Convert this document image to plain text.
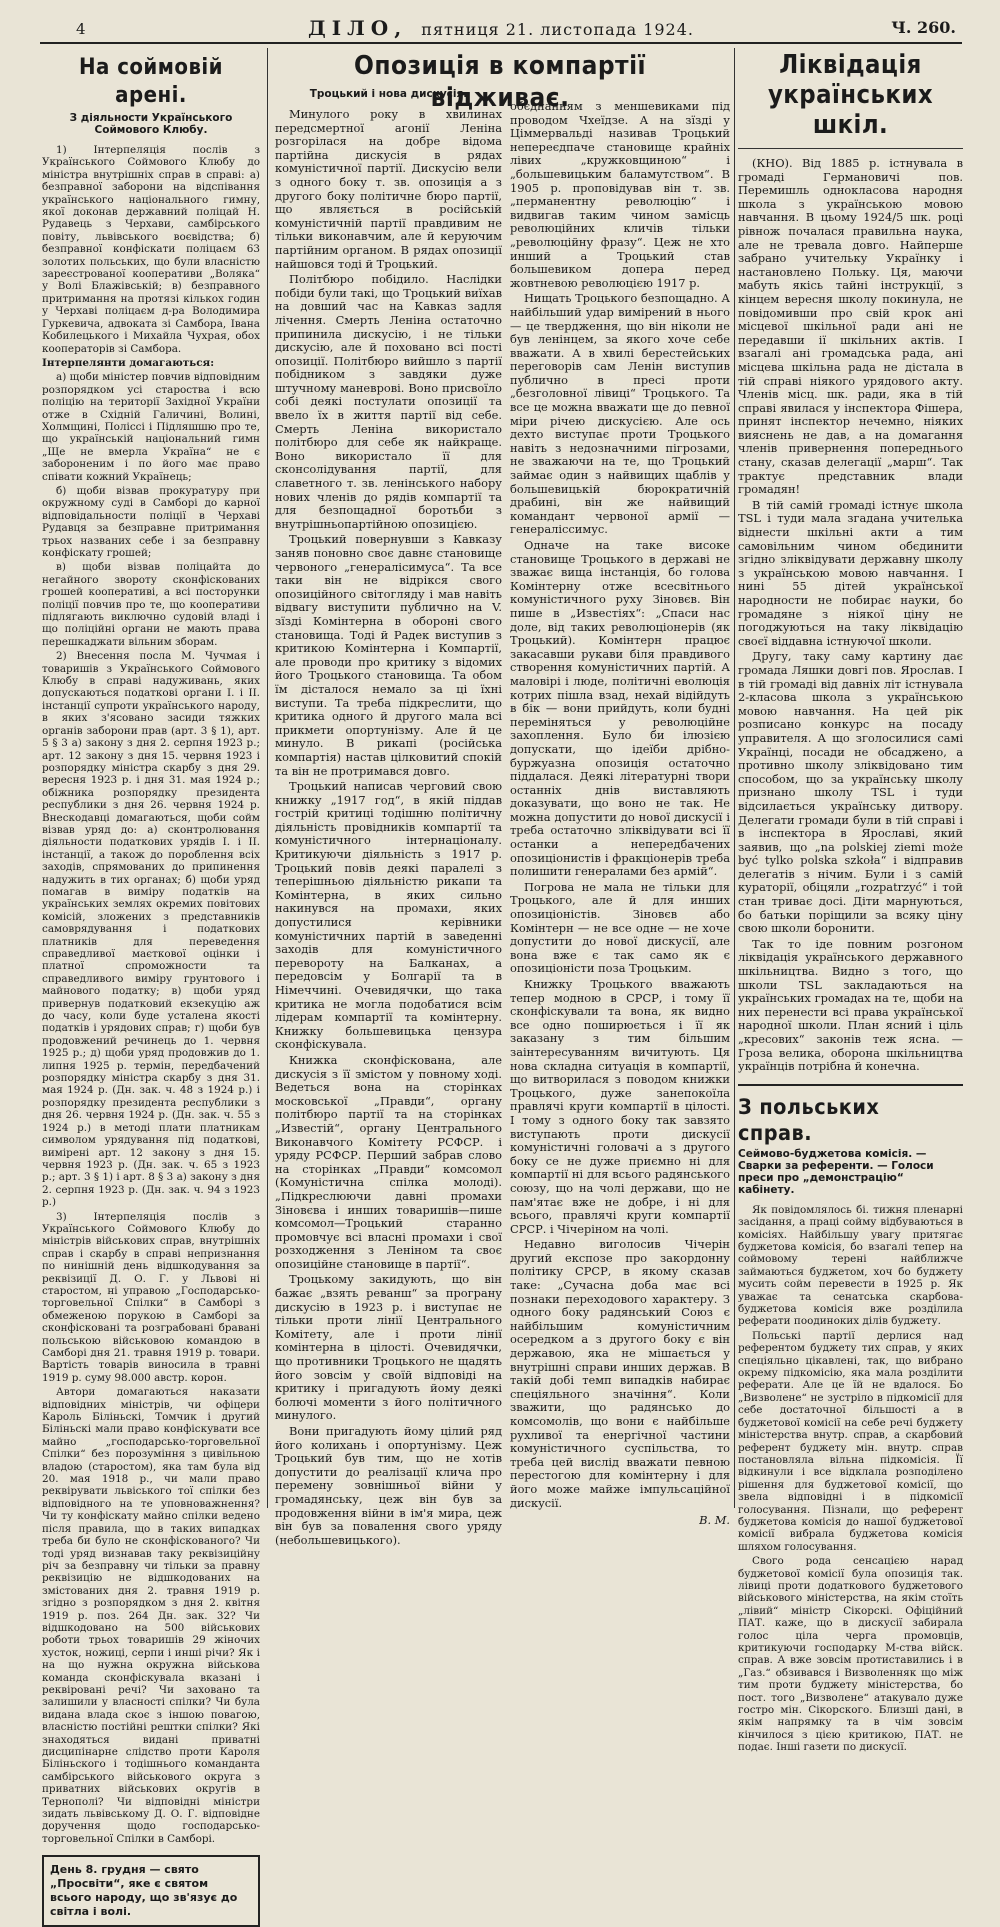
4	ДІЛО, пятниця 21. листопада 1924.	Ч. 260.
На соймовій арені.
З діяльности Українського Соймового Клюбу.

1) Інтерпеляція послів з Українського Соймового Клюбу до міністра внутрішніх справ в справі: а) безправної заборони на відспівання українського національного гимну, якої доконав державний поліцай Н. Рудавець з Черхави, самбірського повіту, львівського воєвідства; б) безправної конфіскати поліцаєм 63 золотих польських, що були власністю зареєстрованої кооперативи „Воляка“ у Волі Блажівській; в) безправного притримання на протязі кількох годин у Черхаві поліцаєм д-ра Володимира Гуркевича, адвоката зі Самбора, Івана Кобилецького і Михайла Чухрая, обох кооператорів зі Самбора.

Інтерпелянти домагаються:

а) щоби міністер повчив відповідним розпорядком усі староства і всю поліцію на території Західної України отже в Східній Галичині, Волині, Холмщині, Поліссі і Підляшшю про те, що українській національний гимн „Ще не вмерла Україна“ не є забороненим і по його має право співати кожний Українець;

б) щоби візвав прокуратуру при окружному суді в Самборі до карної відповідальности поліції в Черхаві Рудавця за безправне притримання трьох названих себе і за безправну конфіскату грошей;

в) щоби візвав поліцайта до негайного звороту сконфіскованих грошей кооперативі, а всі посторунки поліції повчив про те, що кооперативи підлягають виключно судовій владі і що поліційні органи не мають права перешкаджати вільним зборам.

2) Внесення посла М. Чучмая і товаришів з Українського Соймового Клюбу в справі надуживань, яких допускаються податкові органи І. і ІІ. інстанції супроти українського народу, в яких з'ясовано засиди тяжких органів заборони прав (арт. 3 § 1), арт. 5 § 3 а) закону з дня 2. серпня 1923 р.; арт. 12 закону з дня 15. червня 1923 і розпорядку міністра скарбу з дня 29. вересня 1923 р. і дня 31. мая 1924 р.; обіжника розпорядку президента республики з дня 26. червня 1924 р. Внескодавці домагаються, щоби сойм візвав уряд до: а) сконтролювання діяльности податкових урядів І. і ІІ. інстанції, а також до пороблення всіх заходів, спрямованих до припинення надужить в тих органах; б) щоби уряд помагав в виміру податків на українських землях окремих повітових комісій, зложених з представників самоврядування і податкових платників для переведення справедливої маєткової оцінки і платної спроможности та справедливого виміру грунтового і майнового податку; в) щоби уряд привернув податковий екзекуцію аж до часу, коли буде усталена якості податків і урядових справ; г) щоби був продовжений речинець до 1. червня 1925 р.; д) щоби уряд продовжив до 1. липня 1925 р. термін, передбачений розпорядку міністра скарбу з дня 31. мая 1924 р. (Дн. зак. ч. 48 з 1924 р.) і розпорядку президента республики з дня 26. червня 1924 р. (Дн. зак. ч. 55 з 1924 р.) в методі плати платникам символом урядування під податкові, вимірені арт. 12 закону з дня 15. червня 1923 р. (Дн. зак. ч. 65 з 1923 р.; арт. 3 § 1) і арт. 8 § 3 а) закону з дня 2. серпня 1923 р. (Дн. зак. ч. 94 з 1923 р.)

3) Інтерпеляція послів з Українського Соймового Клюбу до міністрів військових справ, внутрішніх справ і скарбу в справі непризнання по нинішній день відшкодування за реквізиції Д. О. Г. у Львові ні старостом, ні управою „Господарсько-торговельної Спілки“ в Самборі з обмеженою порукою в Самборі за сконфісковані та розграбовані бравані польською військовою командою в Самборі дня 21. травня 1919 р. товари. Вартість товарів виносила в травні 1919 р. суму 98.000 австр. корон.

Автори домагаються наказати відповідних міністрів, чи офіцери Кароль Біліньскі, Томчик і другий Біліньскі мали право конфіскувати все майно „господарсько-торговельної Спілки“ без порозуміння з цивільною владою (старостом), яка там була від 20. мая 1918 р., чи мали право реквірувати львіського тої спілки без відповідного на те уповноважнення? Чи ту конфіскату майно спілки ведено після правила, що в таких випадках треба би було не сконфіскованого? Чи тоді уряд визнавав таку реквізиційну річ за безправну чи тільки за правну реквізицію не відшкодованих на змістованих дня 2. травня 1919 р. згідно з розпорядком з дня 2. квітня 1919 р. поз. 264 Дн. зак. 32? Чи відшкодовано на 500 військових роботи трьох товаришів 29 жіночих хусток, ножиці, серпи і инші річи? Як і на що нужна окружна військова команда сконфіскувала вказані і реквіровані речі? Чи заховано та залишили у власності спілки? Чи була видана влада скоє з іншою повагою, власністю постійні рештки спілки? Які знаходяться видані приватні дисципінарне слідство проти Кароля Біліньского і тодішнього команданта самбірського військового округа з приватних військових округів в Тернополі? Чи відповідні міністри зидать львівському Д. О. Г. відповідне доручення щодо господарсько-торговельної Спілки в Самборі.

День 8. грудня — свято „Просвіти“, яке є святом всього народу, що зв'язує до світла і волі.
Опозиція в компартії відживає.
Троцький і нова дискусія.

Минулого року в хвилинах передсмертної агонії Леніна розгорілася на добре відома партійна дискусія в рядах комуністичної партії. Дискусію вели з одного боку т. зв. опозиція а з другого боку політичне бюро партії, що являється в російській комуністичній партії правдивим не тільки виконавчим, але й керуючим партійним органом. В рядах опозиції найшовся тоді й Троцький.

Політбюро побідило. Наслідки побіди були такі, що Троцький виїхав на довший час на Кавказ задля лічення. Смерть Леніна остаточно припинила дискусію, і не тільки дискусію, але й поховано всі пості опозиції. Політбюро вийшло з партії побідником з завдяки дуже штучному маневрові. Воно присвоїло собі деякі постулати опозиції та ввело їх в життя партії від себе. Смерть Леніна використало політбюро для себе як найкраще. Воно використало її для сконсолідування партії, для славетного т. зв. ленінського набору нових членів до рядів компартії та для безпощадної боротьби з внутрішньопартійною опозицією.

Троцький повернувши з Кавказу заняв поновно своє давнє становище червоного „генералісимуса“. Та все таки він не відрікся свого опозиційного світогляду і мав навіть відвагу виступити публично на V. зїзді Комінтерна в обороні свого становища. Тоді й Радек виступив з критикою Комінтерна і Компартії, але проводи про критику з відомих його Троцького становища. Та обом їм дісталося немало за ці їхні виступи. Та треба підкреслити, що критика одного й другого мала всі прикмети опортунізму. Але й це минуло. В рикапі (російська компартія) настав цілковитий спокій та він не протримався довго.

Троцький написав черговий свою книжку „1917 год“, в якій піддав гострій критиці тодішню політичну діяльність провідників компартії та комуністичного інтернаціоналу. Критикуючи діяльність з 1917 р. Троцький повів деякі паралелі з теперішньою діяльністю рикапи та Комінтерна, в яких сильно накинувся на промахи, яких допустилися керівники комуністичних партій в заведенні заходів для комуністичного перевороту на Балканах, а передовсім у Болгарії та в Німеччині. Очевидячки, що така критика не могла подобатися всім лідерам компартії та комінтерну. Книжку большевицька цензура сконфіскувала.

Книжка сконфіскована, але дискусія з її змістом у повному ході. Ведеться вона на сторінках московської „Правди“, органу політбюро партії та на сторінках „Известій“, органу Центрального Виконавчого Комітету РСФСР. і уряду РСФСР. Перший забрав слово на сторінках „Правди“ комсомол (Комуністична спілка молоді). „Підкреслюючи давні промахи Зіновєва і инших товаришів—пише комсомол—Троцький старанно промовчує всі власні промахи і свої розходження з Леніном та своє опозиційне становище в партії“.

Троцькому закидують, що він бажає „взять реванш“ за програну дискусію в 1923 р. і виступає не тільки проти лінії Центрального Комітету, але і проти лінії комінтерна в цілості. Очевидячки, що противники Троцького не щадять його зовсім у своїй відповіді на критику і пригадують йому деякі болючі моменти з його політичного минулого.

Вони пригадують йому цілий ряд його колихань і опортунізму. Цеж Троцький був тим, що не хотів допустити до реалізації клича про перемену зовнішньої війни у громадянську, цеж він був за продовження війни в ім'я мира, цеж він був за повалення свого уряду (небольшевицького).

обєднанням з меншевиками під проводом Чхеїдзе. А на зїзді у Ціммервальді називав Троцький непереєдпаче становище крайніх лівих „кружковщиною“ і „большевицьким баламутством“. В 1905 р. проповідував він т. зв. „перманентну революцію“ і видвигав таким чином замісць революційних кличів тільки „революційну фразу“. Цеж не хто инший а Троцький став большевиком допера перед жовтневою революцією 1917 р.

Нищать Троцького безпощадно. А найбільший удар вимірений в нього — це твердження, що він ніколи не був ленінцем, за якого хоче себе вважати. А в хвилі берестейських переговорів сам Ленін виступив публично в пресі проти „безголовної лівиці“ Троцького. Та все це можна вважати ще до певної міри річею дискусією. Але ось дехто виступає проти Троцького навіть з недозначними пігрозами, не зважаючи на те, що Троцький займає один з найвищих щаблів у большевицькій бюрократичній драбині, він же найвищий командант червоної армії — генералісcимус.

Одначе на таке високе становище Троцького в державі не зважає вища інстанція, бо голова Комінтерну отже всесвітнього комуністичного руху Зіновєв. Він пише в „Известіях“: „Спаси нас доле, від таких революціонерів (як Троцький). Комінтерн працює закасавши рукави біля правдивого створення комуністичних партій. А маловірі і люде, політичні еволюція котрих пішла взад, нехай відійдуть в бік — вони прийдуть, коли будні переміняться у революційне захоплення. Було би ілюзією допускати, що ідеїби дрібно-буржуазна опозиція остаточно піддалася. Деякі літературні твори останніх днів виставляють доказувати, що воно не так. Не можна допустити до нової дискусії і треба остаточно зліквідувати всі її останки а непередбачених опозиціонистів і фракціонерів треба полишити генералами без армій“.

Погрова не мала не тільки для Троцького, але й для инших опозиціоністів. Зіновєв або Комінтерн — не все одне — не хоче допустити до нової дискусії, але вона вже є так само як є опозиціоністи поза Троцьким.

Книжку Троцького вважають тепер модною в СРСР, і тому її сконфіскували та вона, як видно все одно поширюється і її як заказану з тим більшим заінтересуванням вичитують. Ця нова складна ситуація в компартії, що витворилася з поводом книжки Троцького, дуже занепокоїла правлячі круги компартії в цілості. І тому з одного боку так завзято виступають проти дискусії комуністичні головачі а з другого боку се не дуже приємно ні для компартії ні для всього радянського союзу, що на чолі держави, що не пам'ятає вже не добре, і ні для всього, правлячі круги компартії СРСР. і Чічеріном на чолі.

Недавно виголосив Чічерін другий експозе про закордонну політику СРСР, в якому сказав таке: „Сучасна доба має всі познаки переходового характеру. З одного боку радянський Союз є найбільшим комуністичним осередком а з другого боку є він державою, яка не мішається у внутрішні справи инших держав. В такій добі темп випадків набирає спеціяльного значіння“. Коли зважити, що радянсько до комсомолів, що вони є найбільше рухливої та енергічної частини комуністичного суспільства, то треба цей вислід вважати певною перестогою для комінтерну і для його може майже імпульсаційної дискусії.

В. М.
Ліквідація українських шкіл.

(КНО). Від 1885 р. істнувала в громаді Германовичі пов. Перемишль однокласова народня школа з українською мовою навчання. В цьому 1924/5 шк. році рівнож почалася правильна наука, але не тревала довго. Найперше забрано учительку Українку і настановлено Польку. Ця, маючи мабуть якісь тайні інструкції, з кінцем вересня школу покинула, не повідомивши про свій крок ані місцевої шкільної ради ані не передавши ії шкільних актів. І взагалі ані громадська рада, ані місцева шкільна рада не дістала в тій справі ніякого урядового акту. Членів місц. шк. ради, яка в тій справі явилася у інспектора Фішера, принят інспектор нечемно, ніяких вияснень не дав, а на домагання членів привернення попереднього стану, сказав делегації „марш“. Так трактує представник влади громадян!

В тій самій громаді істнує школа TSL і туди мала згадана учителька віднести шкільні акти а тим самовільним чином обєдинити згідно зліквідувати державну школу з українською мовою навчання. І нині 55 дітей української народности не побирає науки, бо громадяне з ніякої ціну не погоджуються на таку ліквідацію своєї віддавна істнуючої школи.

Другу, таку саму картину дає громада Ляшки довгі пов. Ярослав. І в тій громаді від давніх літ істнувала 2-класова школа з українською мовою навчання. На цей рік розписано конкурс на посаду управителя. А що зголосилися самі Українці, посади не обсаджено, а противно школу зліквідовано тим способом, що за українську школу признано школу TSL і туди відсилається українську дитвору. Делегати громади були в тій справі і в інспектора в Ярославі, який заявив, що „na polskiej ziemi może być tylko polska szkoła“ і відправив делегатів з нічим. Були і з самій кураторії, обіцяли „rozpatrzyć“ і той стан триває досі. Діти марнуються, бо батьки поріщили за всяку ціну свою школи боронити.

Так то іде повним розгоном ліквідація українського державного шкільництва. Видно з того, що школи TSL закладаються на українських громадах на те, щоби на них перенести всі права української народної школи. План ясний і ціль „кресових“ законів теж ясна. — Гроза велика, оборона шкільництва українців потрібна й конечна.

З польських справ.
Сеймово-буджетова комісія. — Сварки за референти. — Голоси преси про „демонстрацію“ кабінету.

Як повідомлялось бі. тижня пленарні засідання, а праці сойму відбуваються в комісіях. Найбільшу увагу притягає буджетова комісія, бо взагалі тепер на соймовому терені найближче займаються буджетом, хоч бо буджету мусить сойм перевести в 1925 р. Як уважає та сенатська скарбова-буджетова комісія вже розділила реферати поодиноких ділів буджету.

Польські партії дерлися над референтом буджету тих справ, у яких спеціяльно цікавлені, так, що вибрано окрему підкомісію, яка мала розділити реферати. Але це їй не вдалося. Бо „Визволене“ не зустріло в підкомісії для себе достаточної більшості а в буджетової комісії на себе речі буджету міністерства внутр. справ, а скарбовий референт буджету мін. внутр. справ постановляла вільна підкомісія. Її відкинули і все відклала розподілено рішення для буджетової комісії, що звела відповідні і в підкомісії голосування. Пізнали, що референт буджетова комісія до нашої буджетової комісії вибрала буджетова комісія шляхом голосування.

Свого рода сенсацією нарад буджетової комісії була опозиція так. лівиці проти додаткового буджетового військового міністерства, на якім стоїть „лівий“ міністр Сікорскі. Офіційний ПАТ. каже, що в дискусії забирала голос ціла черга промовців, критикуючи господарку М-ства війск. справ. А вже зовсім протиставились і в „Газ.“ обзивався і Визволенняк що між тим проти буджету міністерства, бо пост. того „Визволене“ атакувало дуже гостро мін. Сікорского. Близші дані, в якім напрямку та в чім зовсім кінчилося з цією критикою, ПАТ. не подає. Інші газети по дискусії.
